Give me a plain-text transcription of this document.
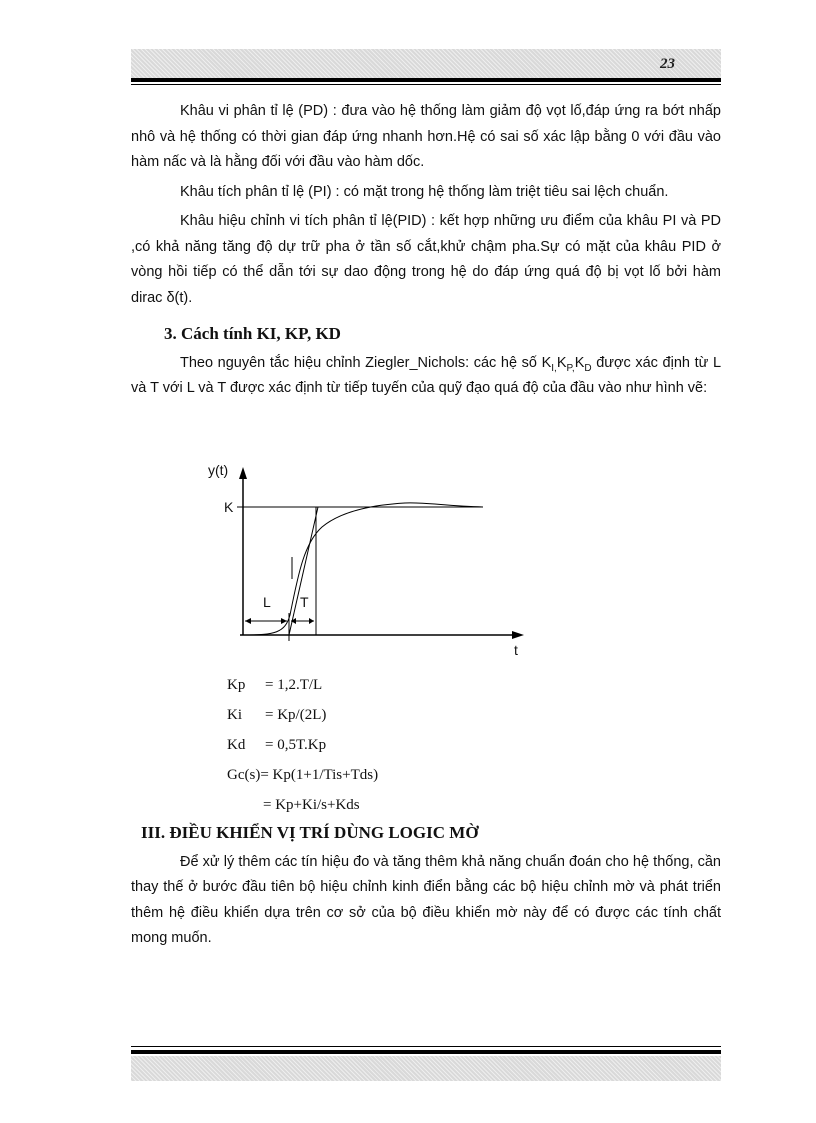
23

Khâu vi phân tỉ lệ (PD) : đưa vào hệ thống làm giảm độ vọt lố,đáp ứng ra bớt nhấp nhô và hệ thống có thời gian đáp ứng nhanh hơn.Hệ có sai số xác lập bằng 0 với đầu vào hàm nấc và là hằng đối với đầu vào hàm dốc.

Khâu tích phân tỉ lệ (PI) : có mặt trong hệ thống làm triệt tiêu sai lệch chuẩn.

Khâu hiệu chỉnh vi tích phân tỉ lệ(PID) : kết hợp những ưu điểm của khâu PI và PD ,có khả năng tăng độ dự trữ pha ở tần số cắt,khử chậm pha.Sự có mặt của khâu PID ở vòng hồi tiếp có thể dẫn tới sự dao động trong hệ do đáp ứng quá độ bị vọt lố bởi hàm dirac δ(t).

3. Cách tính KI, KP, KD

Theo nguyên tắc hiệu chỉnh Ziegler_Nichols: các hệ số $K_{I,}K_{P,}K_D$ được xác định từ L và T với L và T được xác định từ tiếp tuyến của quỹ đạo quá độ của đầu vào như hình vẽ:

y(t)
K
L T
t
Kp	= 1,2.T/L
Ki	= Kp/(2L)
Kd	= 0,5T.Kp
Gc(s) = Kp(1+1/Tis+Tds)
= Kp+Ki/s+Kds
III. ĐIỀU KHIỂN VỊ TRÍ DÙNG LOGIC MỜ

Để xử lý thêm các tín hiệu đo và tăng thêm khả năng chuẩn đoán cho hệ thống, cần thay thế ở bước đầu tiên bộ hiệu chỉnh kinh điển bằng các bộ hiệu chỉnh mờ và phát triển thêm hệ điều khiển dựa trên cơ sở của bộ điều khiển mờ này để có được các tính chất mong muốn.
